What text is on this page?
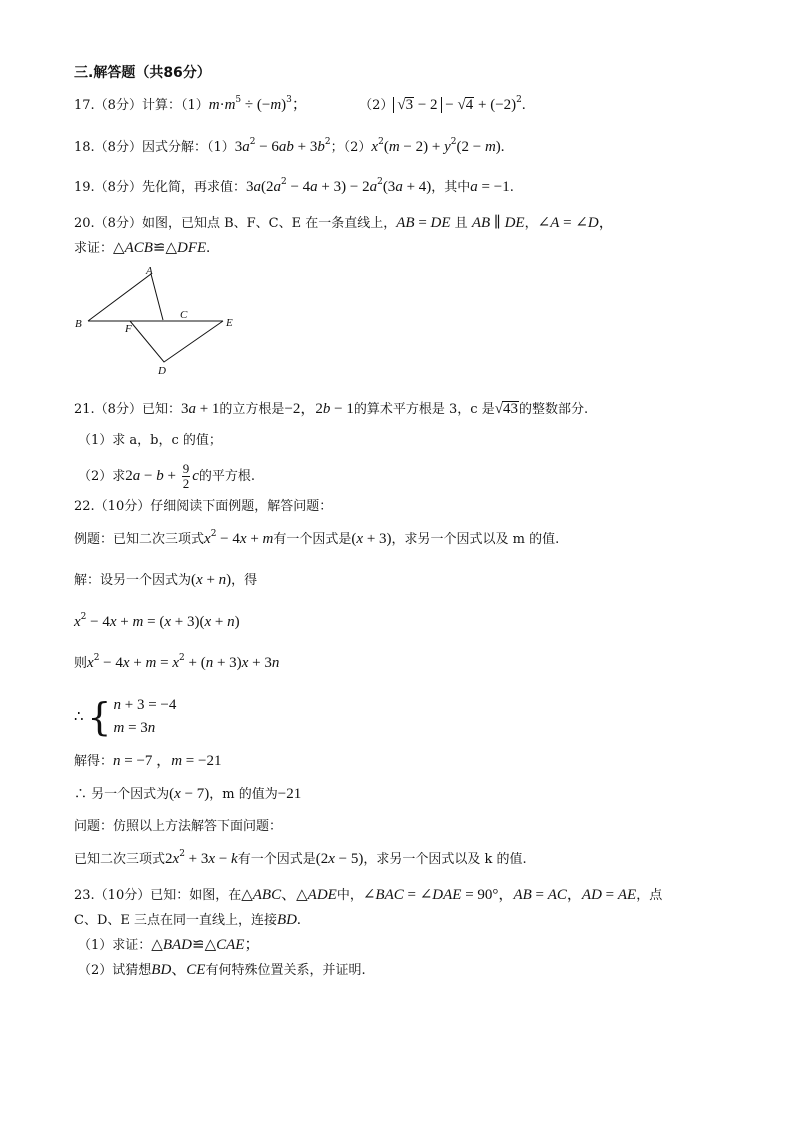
三.解答题（共86分）
17.（8分）计算：$(1)m\cdot m^5 \div (-m)^3$；	（2） $√3 - 2 - √4 + (-2)^2$.
18.（8分）因式分解：$(1)3a^2 - 6ab + 3b^2$；$(2)x^2(m - 2) + y^2(2 - m)$.
19.（8分）先化简，再求值：$3a(2a^2 - 4a + 3) - 2a^2(3a + 4)$，其中a = −1.
20.（8分）如图，已知点 B、F、C、E 在一条直线上，AB = DE 且 AB ∥ DE，∠A = ∠D，
求证：△ACB≌△DFE.
A
B	F
C
E
D
21.（8分）已知：3a + 1的立方根是−2，2b − 1的算术平方根是 3，c 是√43的整数部分.
（1）求 a，b，c 的值；
（2）求$2a - b + \frac{9}{2}$ c的平方根.
22.（10分）仔细阅读下面例题，解答问题：
例题：已知二次三项式$x^2 - 4x + m$有一个因式是(x + 3)，求另一个因式以及 m 的值.
解：设另一个因式为(x + n)，得
$x^2 - 4x + m = (x + 3)(x + n)$
则$x^2 - 4x + m = x^2 + (n + 3)x + 3n$
∴ { n + 3 = −4
m = 3n
解得：n = −7 ，m = −21
∴ 另一个因式为(x − 7)，m 的值为−21
问题：仿照以上方法解答下面问题：
已知二次三项式$2x^2 + 3x - k$有一个因式是(2x − 5)，求另一个因式以及 k 的值.
23.（10分）已知：如图，在△ABC、△ADE中，∠BAC = ∠DAE = 90°，AB = AC，AD = AE，点
C、D、E 三点在同一直线上，连接BD.
（1）求证：△BAD≌△CAE；
（2）试猜想BD、CE有何特殊位置关系，并证明.
